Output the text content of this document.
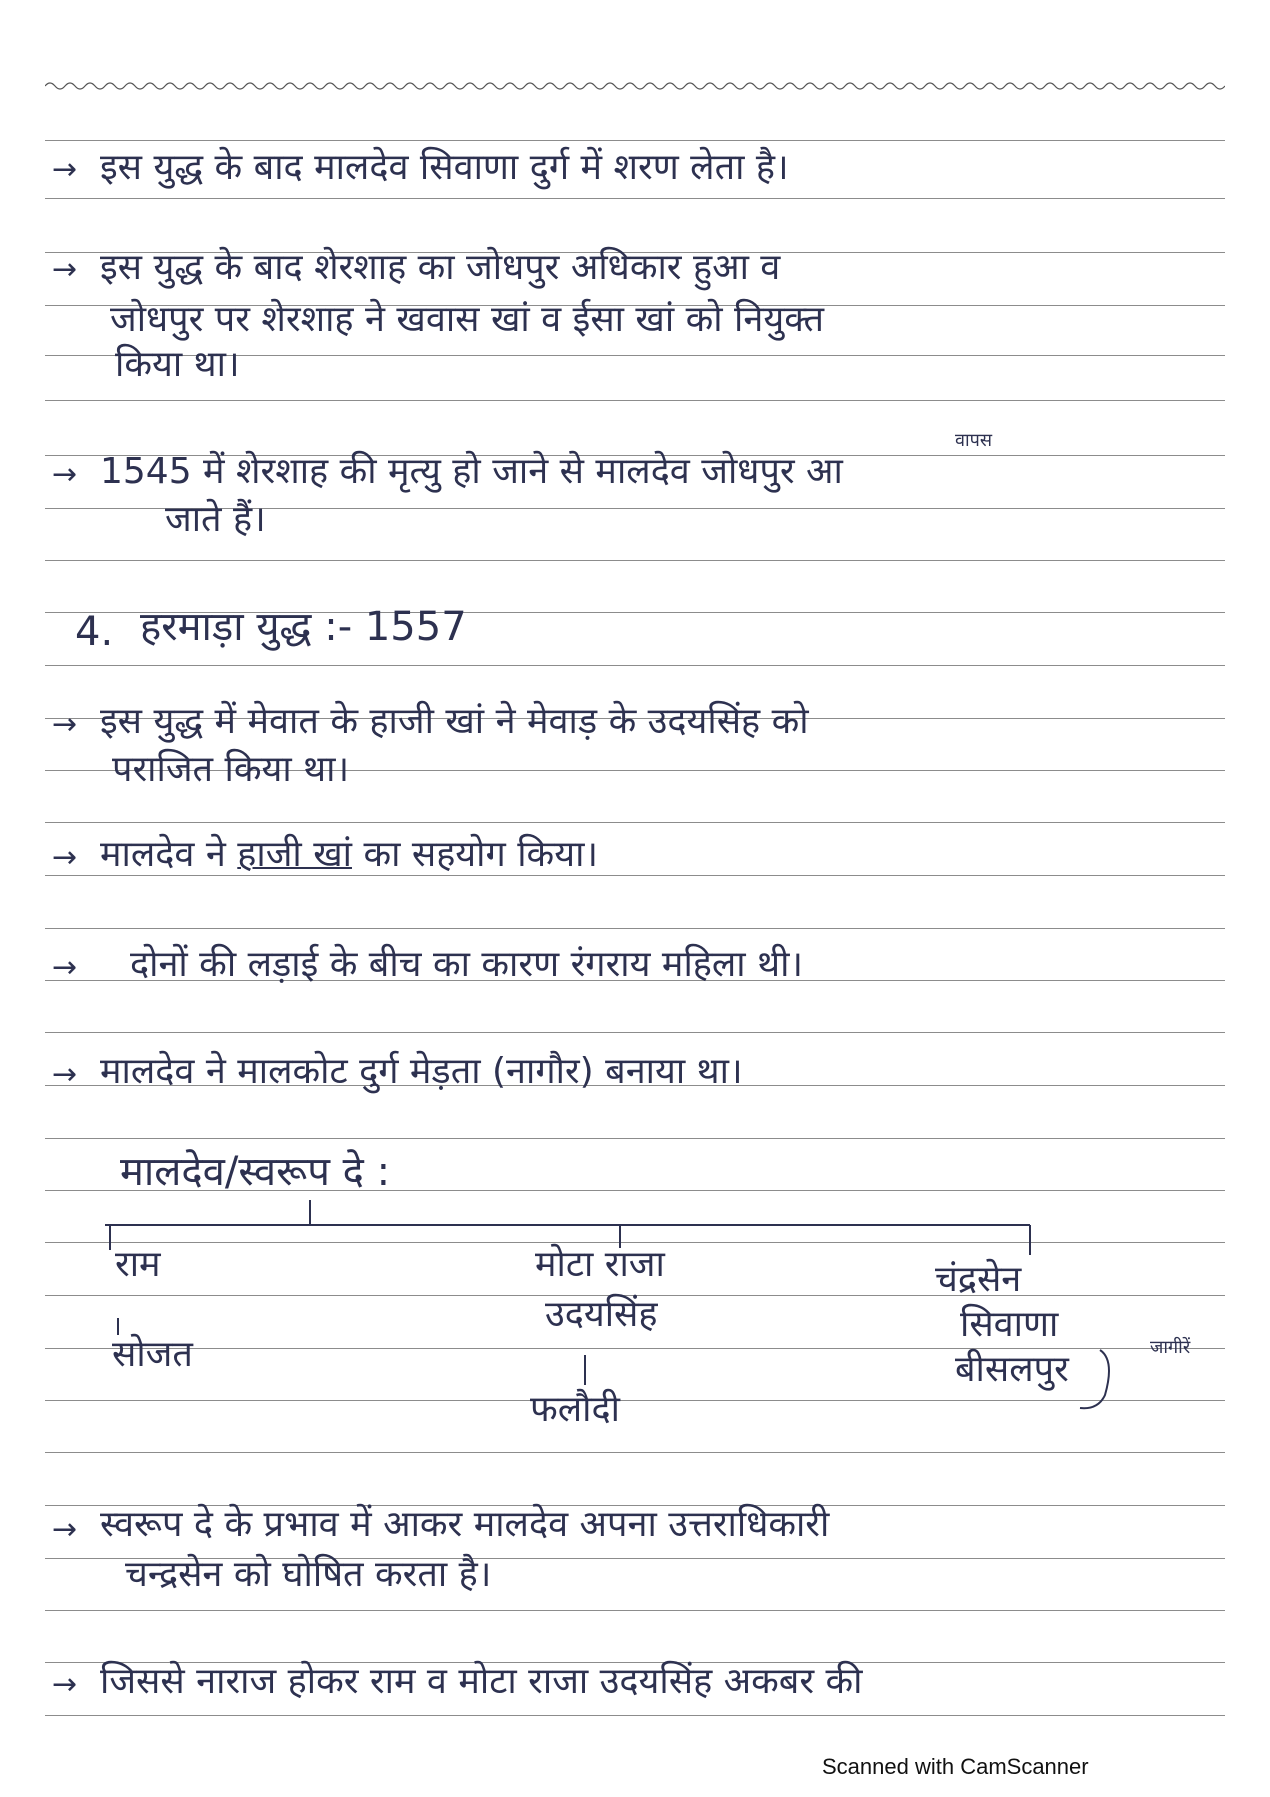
→ इस युद्ध के बाद मालदेव सिवाणा दुर्ग में शरण लेता है।
→ इस युद्ध के बाद शेरशाह का जोधपुर अधिकार हुआ व
जोधपुर पर शेरशाह ने खवास खां व ईसा खां को नियुक्त
किया था।
वापस
→ 1545 में शेरशाह की मृत्यु हो जाने से मालदेव जोधपुर आ
जाते हैं।
4. हरमाड़ा युद्ध :- 1557
→ इस युद्ध में मेवात के हाजी खां ने मेवाड़ के उदयसिंह को
पराजित किया था।
→ मालदेव ने हाजी खां का सहयोग किया।
→ दोनों की लड़ाई के बीच का कारण रंगराय महिला थी।
→ मालदेव ने मालकोट दुर्ग मेड़ता (नागौर) बनाया था।
मालदेव/स्वरूप दे :
राम
सोजत
मोटा राजा
उदयसिंह
फलौदी
चंद्रसेन
सिवाणा
बीसलपुर
जागीरें
→ स्वरूप दे के प्रभाव में आकर मालदेव अपना उत्तराधिकारी
चन्द्रसेन को घोषित करता है।
→ जिससे नाराज होकर राम व मोटा राजा उदयसिंह अकबर की
Scanned with CamScanner
